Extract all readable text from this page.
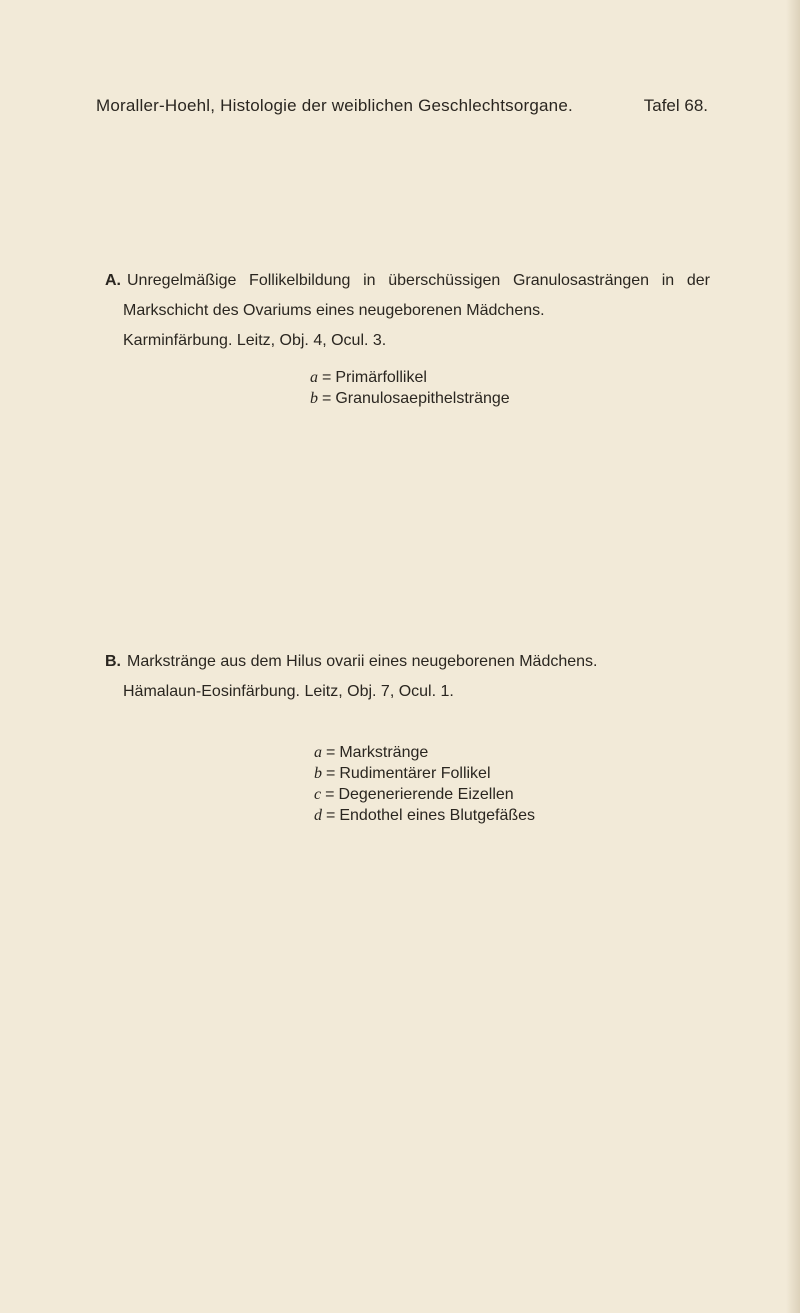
Moraller-Hoehl, Histologie der weiblichen Geschlechtsorgane.	Tafel 68.
A. Unregelmäßige Follikelbildung in überschüssigen Granulosasträngen in der
Markschicht des Ovariums eines neugeborenen Mädchens.
Karminfärbung. Leitz, Obj. 4, Ocul. 3.
a = Primärfollikel
b = Granulosaepithelstränge
B. Markstränge aus dem Hilus ovarii eines neugeborenen Mädchens.
Hämalaun-Eosinfärbung. Leitz, Obj. 7, Ocul. 1.
a = Markstränge
b = Rudimentärer Follikel
c = Degenerierende Eizellen
d = Endothel eines Blutgefäßes
